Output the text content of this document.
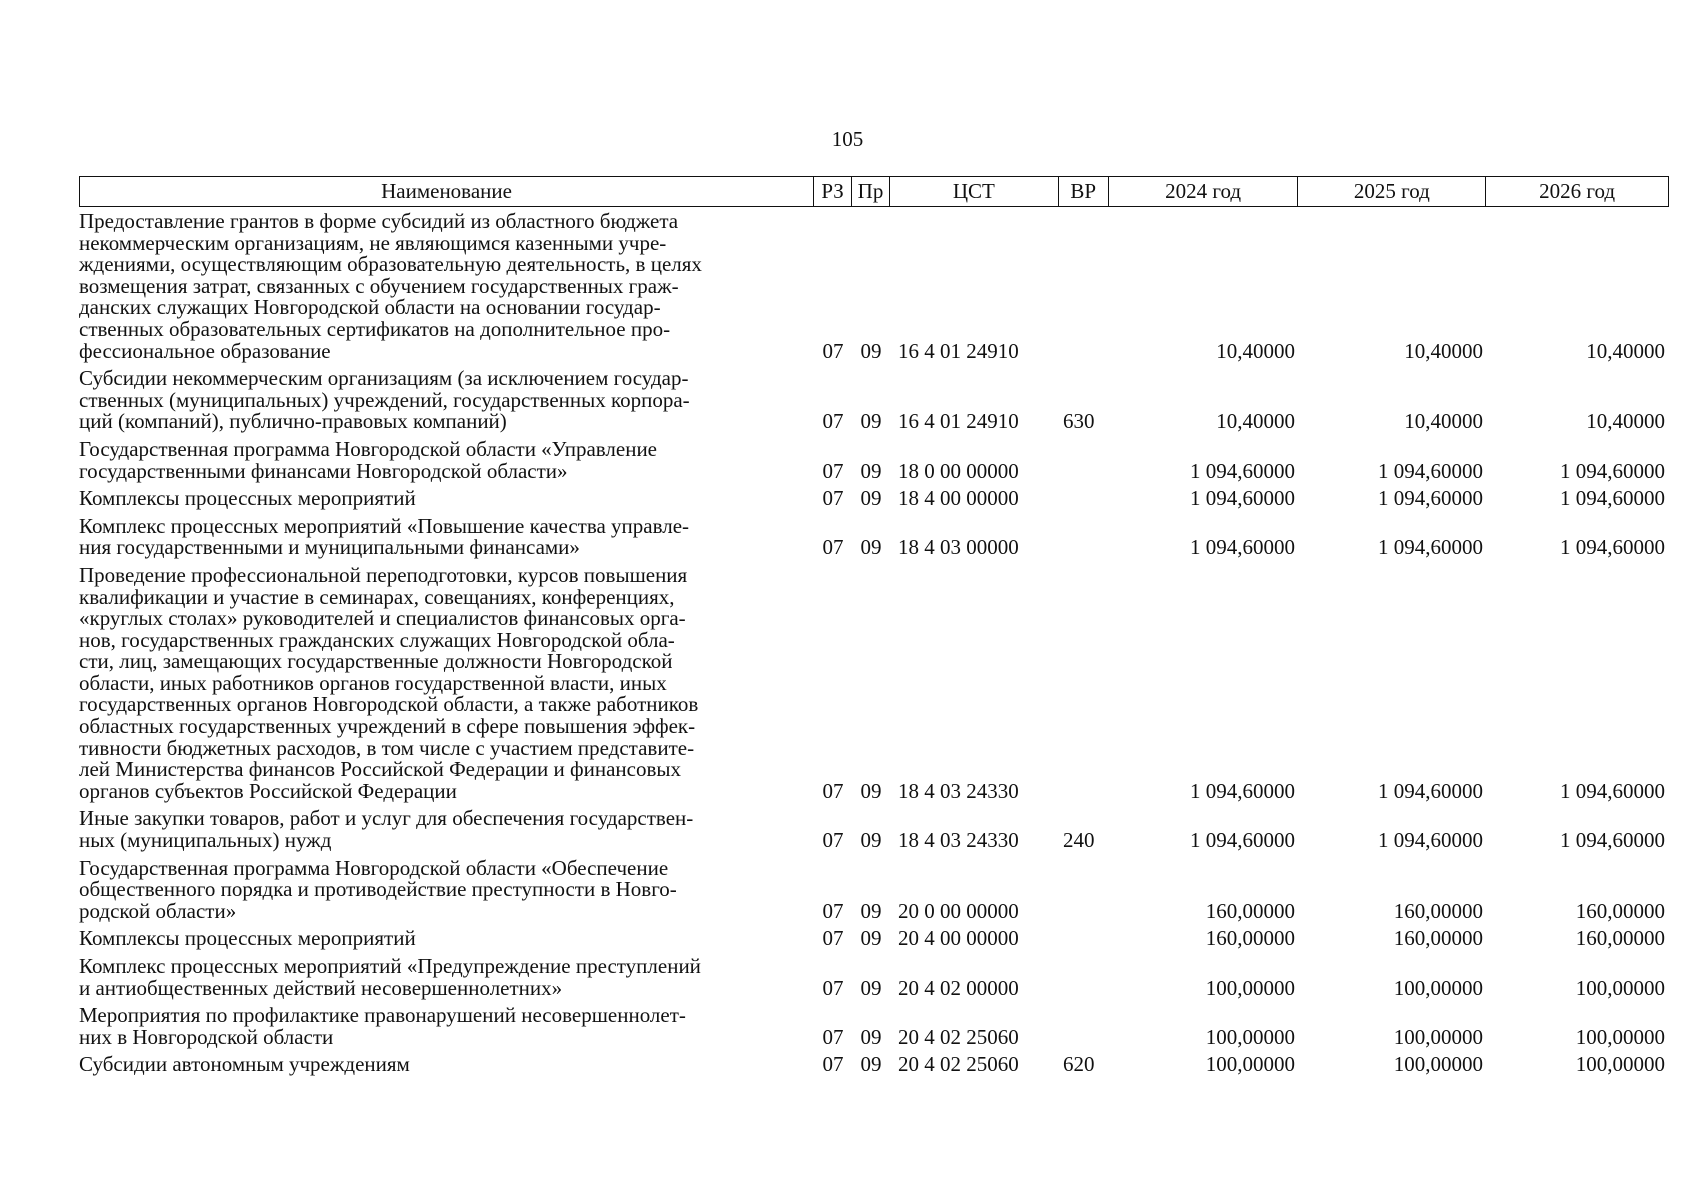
105
Наименование	РЗ Пр	ЦСТ	ВР	2024 год	2025 год	2026 год
Предоставление грантов в форме субсидий из областного бюджета
некоммерческим организациям, не являющимся казенными учре-
ждениями, осуществляющим образовательную деятельность, в целях
возмещения затрат, связанных с обучением государственных граж-
данских служащих Новгородской области на основании государ-
ственных образовательных сертификатов на дополнительное про-
фессиональное образование	07 09 16 4 01 24910	10,40000	10,40000	10,40000
Субсидии некоммерческим организациям (за исключением государ-
ственных (муниципальных) учреждений, государственных корпора-
ций (компаний), публично-правовых компаний)	07 09 16 4 01 24910	630	10,40000	10,40000	10,40000
Государственная программа Новгородской области «Управление
государственными финансами Новгородской области»	07 09 18 0 00 00000	1 094,60000	1 094,60000	1 094,60000
Комплексы процессных мероприятий	07 09 18 4 00 00000	1 094,60000	1 094,60000	1 094,60000
Комплекс процессных мероприятий «Повышение качества управле-
ния государственными и муниципальными финансами»	07 09 18 4 03 00000	1 094,60000	1 094,60000	1 094,60000
Проведение профессиональной переподготовки, курсов повышения
квалификации и участие в семинарах, совещаниях, конференциях,
«круглых столах» руководителей и специалистов финансовых орга-
нов, государственных гражданских служащих Новгородской обла-
сти, лиц, замещающих государственные должности Новгородской
области, иных работников органов государственной власти, иных
государственных органов Новгородской области, а также работников
областных государственных учреждений в сфере повышения эффек-
тивности бюджетных расходов, в том числе с участием представите-
лей Министерства финансов Российской Федерации и финансовых
органов субъектов Российской Федерации	07 09 18 4 03 24330	1 094,60000	1 094,60000	1 094,60000
Иные закупки товаров, работ и услуг для обеспечения государствен-
ных (муниципальных) нужд	07 09 18 4 03 24330	240	1 094,60000	1 094,60000	1 094,60000
Государственная программа Новгородской области «Обеспечение
общественного порядка и противодействие преступности в Новго-
родской области»	07 09 20 0 00 00000	160,00000	160,00000	160,00000
Комплексы процессных мероприятий	07 09 20 4 00 00000	160,00000	160,00000	160,00000
Комплекс процессных мероприятий «Предупреждение преступлений
и антиобщественных действий несовершеннолетних»	07 09 20 4 02 00000	100,00000	100,00000	100,00000
Мероприятия по профилактике правонарушений несовершеннолет-
них в Новгородской области	07 09 20 4 02 25060	100,00000	100,00000	100,00000
Субсидии автономным учреждениям	07 09 20 4 02 25060	620	100,00000	100,00000	100,00000
